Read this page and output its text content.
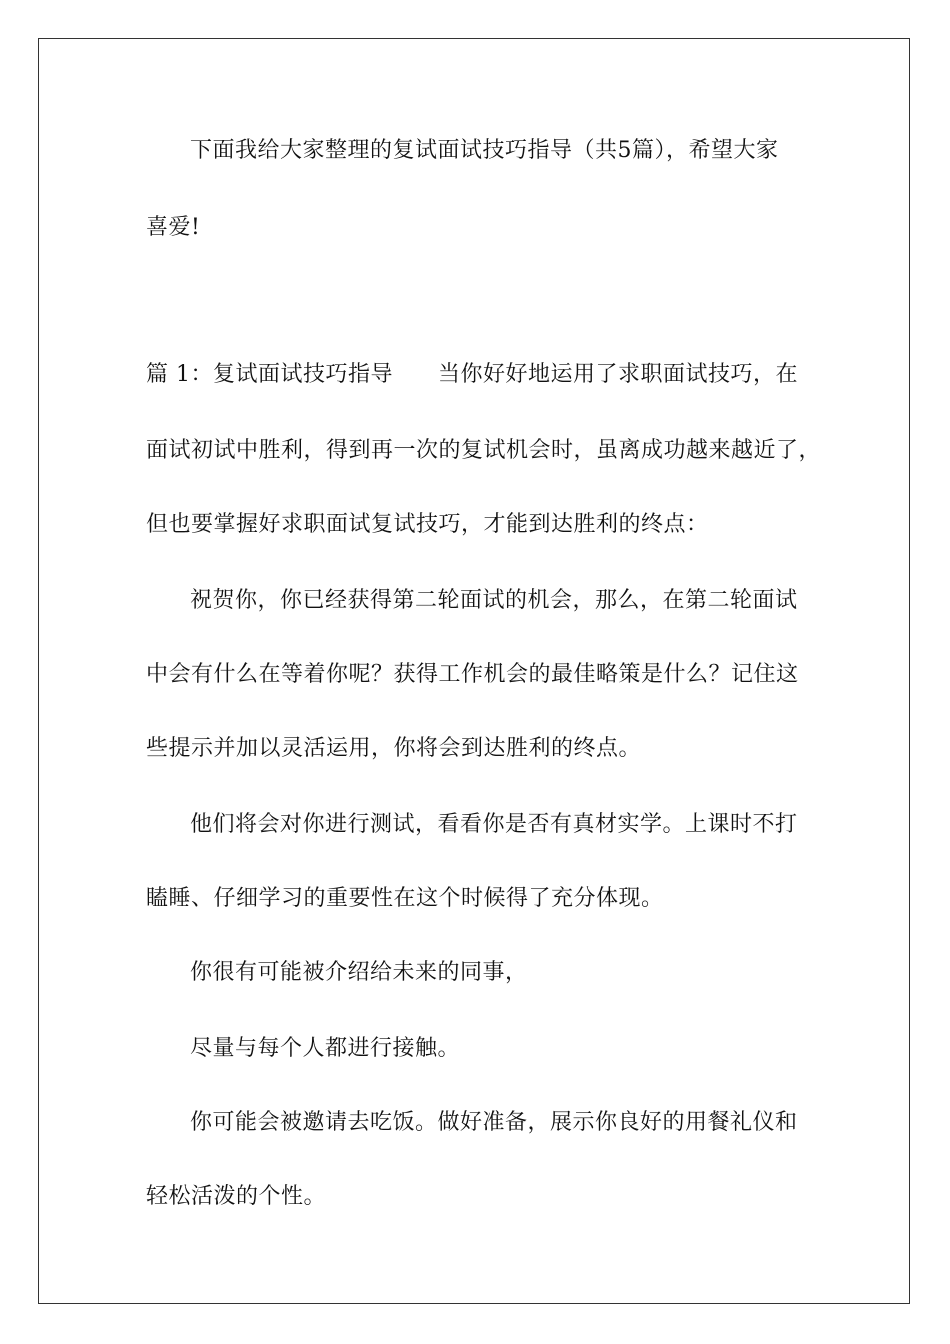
下面我给大家整理的复试面试技巧指导（共5篇），希望大家
喜爱!
篇 1：复试面试技巧指导　　当你好好地运用了求职面试技巧，在
面试初试中胜利，得到再一次的复试机会时，虽离成功越来越近了，
但也要掌握好求职面试复试技巧，才能到达胜利的终点：
祝贺你，你已经获得第二轮面试的机会，那么，在第二轮面试
中会有什么在等着你呢？获得工作机会的最佳略策是什么？记住这
些提示并加以灵活运用，你将会到达胜利的终点。
他们将会对你进行测试，看看你是否有真材实学。上课时不打
瞌睡、仔细学习的重要性在这个时候得了充分体现。
你很有可能被介绍给未来的同事，
尽量与每个人都进行接触。
你可能会被邀请去吃饭。做好准备，展示你良好的用餐礼仪和
轻松活泼的个性。
